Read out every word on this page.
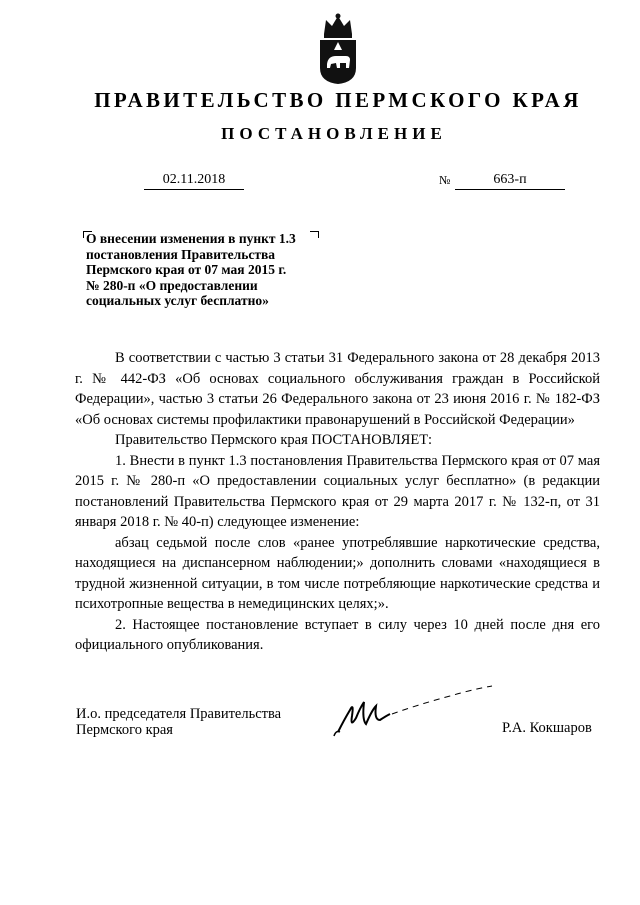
ПРАВИТЕЛЬСТВО ПЕРМСКОГО КРАЯ
ПОСТАНОВЛЕНИЕ
02.11.2018	№	663-п
О внесении изменения в пункт 1.3
постановления Правительства
Пермского края от 07 мая 2015 г.
№ 280-п «О предоставлении
социальных услуг бесплатно»

В соответствии с частью 3 статьи 31 Федерального закона от 28 декабря 2013 г. № 442-ФЗ «Об основах социального обслуживания граждан в Российской Федерации», частью 3 статьи 26 Федерального закона от 23 июня 2016 г. № 182-ФЗ «Об основах системы профилактики правонарушений в Российской Федерации»

Правительство Пермского края ПОСТАНОВЛЯЕТ:

1. Внести в пункт 1.3 постановления Правительства Пермского края от 07 мая 2015 г. № 280-п «О предоставлении социальных услуг бесплатно» (в редакции постановлений Правительства Пермского края от 29 марта 2017 г. № 132-п, от 31 января 2018 г. № 40-п) следующее изменение:

абзац седьмой после слов «ранее употреблявшие наркотические средства, находящиеся на диспансерном наблюдении;» дополнить словами «находящиеся в трудной жизненной ситуации, в том числе потребляющие наркотические средства и психотропные вещества в немедицинских целях;».

2. Настоящее постановление вступает в силу через 10 дней после дня его официального опубликования.

И.о. председателя Правительства
Пермского края	Р.А. Кокшаров
